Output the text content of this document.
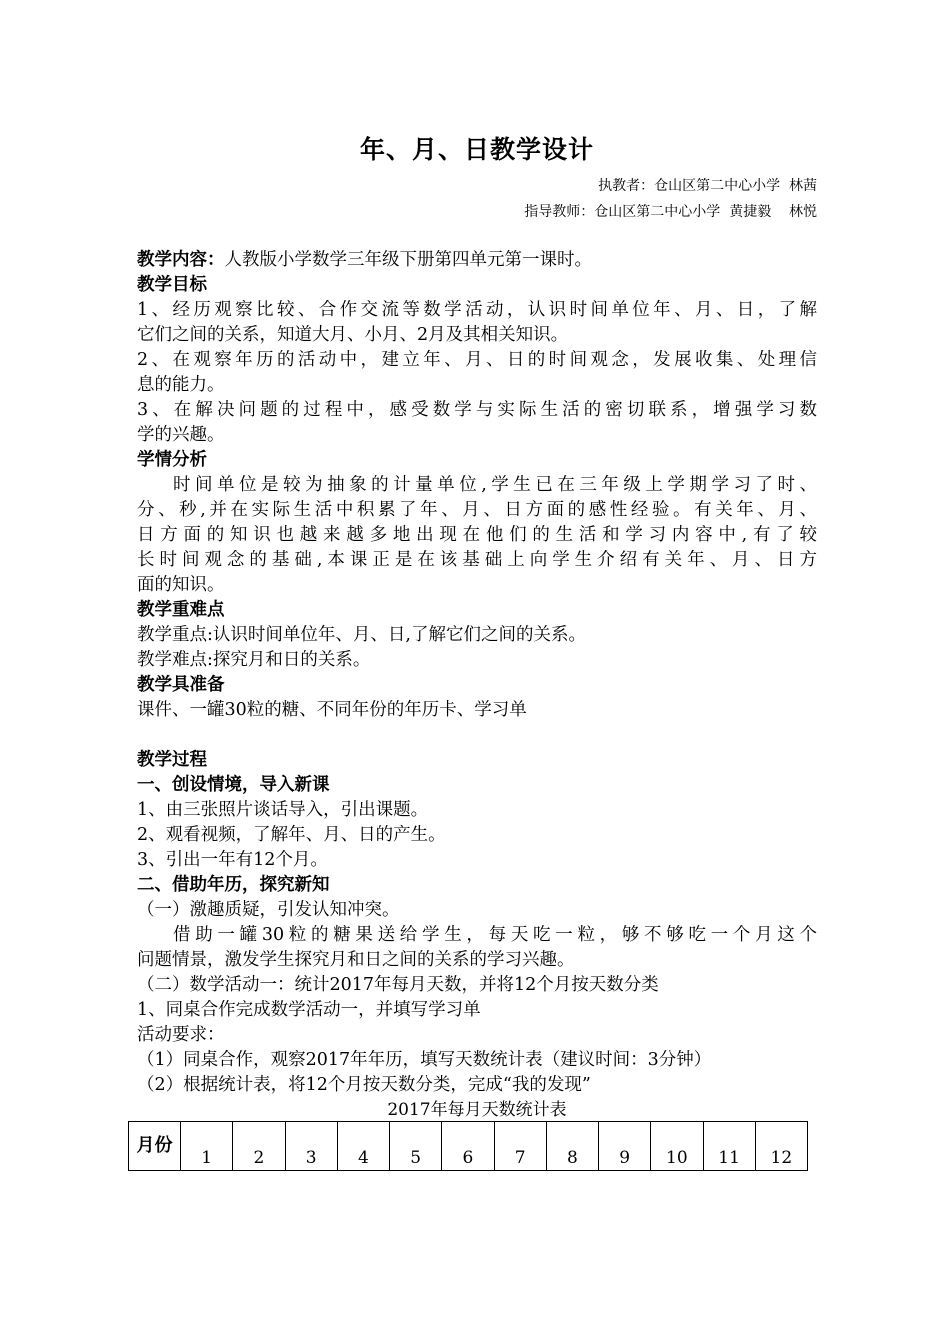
年、月、日教学设计
执教者：仓山区第二中心小学  林茜
指导教师：仓山区第二中心小学  黄捷毅    林悦
教学内容：人教版小学数学三年级下册第四单元第一课时。
教学目标
1、经历观察比较、合作交流等数学活动，认识时间单位年、月、日，了解
它们之间的关系，知道大月、小月、2月及其相关知识。
2、在观察年历的活动中，建立年、月、日的时间观念，发展收集、处理信
息的能力。
3、在解决问题的过程中，感受数学与实际生活的密切联系，增强学习数
学的兴趣。
学情分析
时间单位是较为抽象的计量单位,学生已在三年级上学期学习了时、
分、秒,并在实际生活中积累了年、月、日方面的感性经验。有关年、月、
日方面的知识也越来越多地出现在他们的生活和学习内容中,有了较
长时间观念的基础,本课正是在该基础上向学生介绍有关年、月、日方
面的知识。
教学重难点
教学重点:认识时间单位年、月、日,了解它们之间的关系。
教学难点:探究月和日的关系。
教学具准备
课件、一罐30粒的糖、不同年份的年历卡、学习单
教学过程
一、创设情境，导入新课
1、由三张照片谈话导入，引出课题。
2、观看视频，了解年、月、日的产生。
3、引出一年有12个月。
二、借助年历，探究新知
（一）激趣质疑，引发认知冲突。
借助一罐30粒的糖果送给学生，每天吃一粒，够不够吃一个月这个
问题情景，激发学生探究月和日之间的关系的学习兴趣。
（二）数学活动一：统计2017年每月天数，并将12个月按天数分类
1、同桌合作完成数学活动一，并填写学习单
活动要求：
（1）同桌合作，观察2017年年历，填写天数统计表（建议时间：3分钟）
（2）根据统计表，将12个月按天数分类，完成“我的发现”
2017年每月天数统计表
月份	1	2	3	4	5	6	7	8	9	10	11	12
